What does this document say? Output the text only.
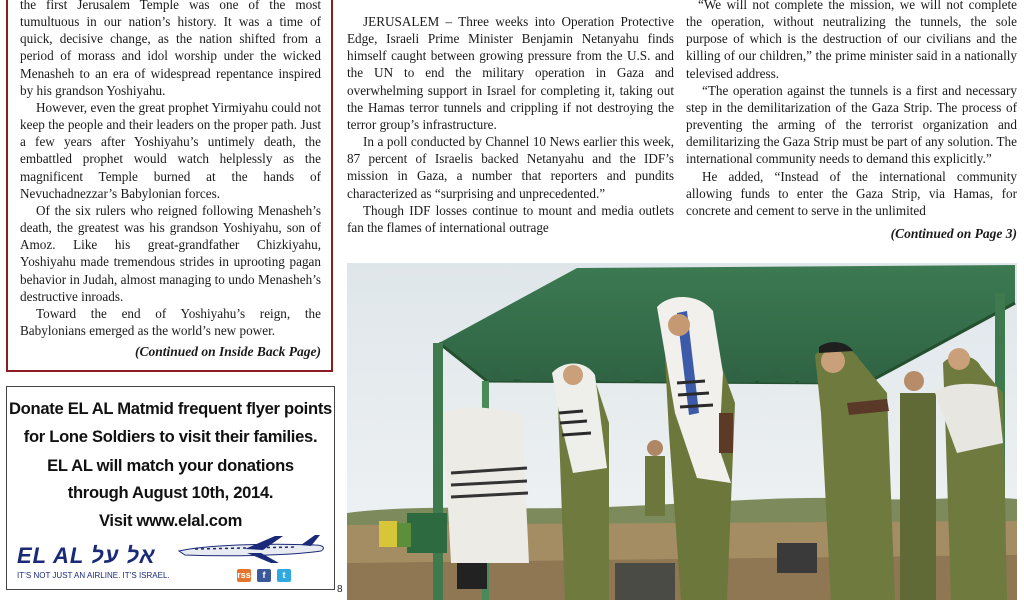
the first Jerusalem Temple was one of the most tumultuous in our nation’s history. It was a time of quick, decisive change, as the nation shifted from a period of morass and idol worship under the wicked Menasheh to an era of widespread repentance inspired by his grandson Yoshiyahu.

However, even the great prophet Yirmiyahu could not keep the people and their leaders on the proper path. Just a few years after Yoshiyahu’s untimely death, the embattled prophet would watch helplessly as the magnificent Temple burned at the hands of Nevuchadnezzar’s Babylonian forces.

Of the six rulers who reigned following Menasheh’s death, the greatest was his grandson Yoshiyahu, son of Amoz. Like his great-grandfather Chizkiyahu, Yoshiyahu made tremendous strides in uprooting pagan behavior in Judah, almost managing to undo Menasheh’s destructive inroads.

Toward the end of Yoshiyahu’s reign, the Babylonians emerged as the world’s new power.

(Continued on Inside Back Page)

JERUSALEM – Three weeks into Operation Protective Edge, Israeli Prime Minister Benjamin Netanyahu finds himself caught between growing pressure from the U.S. and the UN to end the military operation in Gaza and overwhelming support in Israel for completing it, taking out the Hamas terror tunnels and crippling if not destroying the terror group’s infrastructure.

In a poll conducted by Channel 10 News earlier this week, 87 percent of Israelis backed Netanyahu and the IDF’s mission in Gaza, a number that reporters and pundits characterized as “surprising and unprecedented.”

Though IDF losses continue to mount and media outlets fan the flames of international outrage

“We will not complete the mission, we will not complete the operation, without neutralizing the tunnels, the sole purpose of which is the destruction of our civilians and the killing of our children,” the prime minister said in a nationally televised address.

“The operation against the tunnels is a first and necessary step in the demilitarization of the Gaza Strip. The process of preventing the arming of the terrorist organization and demilitarizing the Gaza Strip must be part of any solution. The international community needs to demand this explicitly.”

He added, “Instead of the international community allowing funds to enter the Gaza Strip, via Hamas, for concrete and cement to serve in the unlimited

(Continued on Page 3)
Donate EL AL Matmid frequent flyer points
for Lone Soldiers to visit their families.
EL AL will match your donations
through August 10th, 2014.
Visit www.elal.com
EL AL אל על
IT’S NOT JUST AN AIRLINE. IT’S ISRAEL.	rss	f	t
8
